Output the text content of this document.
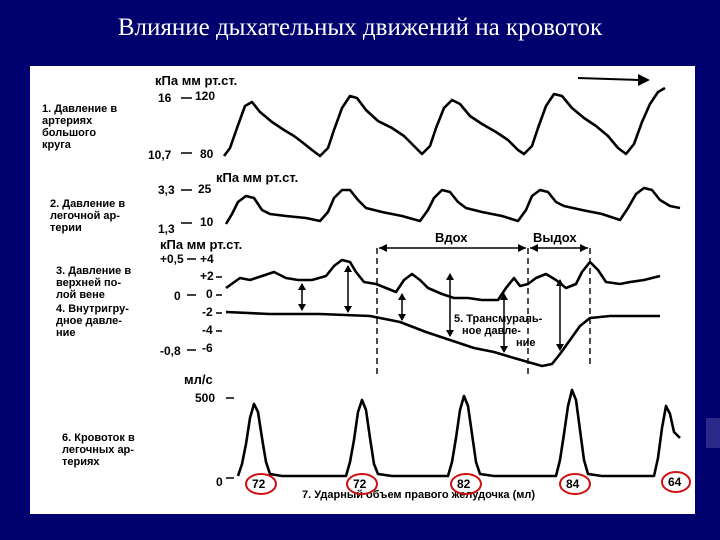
Влияние дыхательных движений на кровоток
кПа мм рт.ст.
1. Давление в
артериях
большого
круга
16
10,7
120
80
кПа мм рт.ст.
2. Давление в
легочной ар-
терии
3,3
1,3
25
10
кПа мм рт.ст.
3. Давление в
верхней по-
лой вене
4. Внутригру-
дное давле-
ние
+0,5
0
-0,8
+4
+2
0
-2
-4
-6
Вдох	Выдох
5. Трансмураль-
ное давле-
ние
мл/с
500
0
6. Кровоток в
легочных ар-
териях
7. Ударный объем правого желудочка (мл)
72	72	82	84	64
